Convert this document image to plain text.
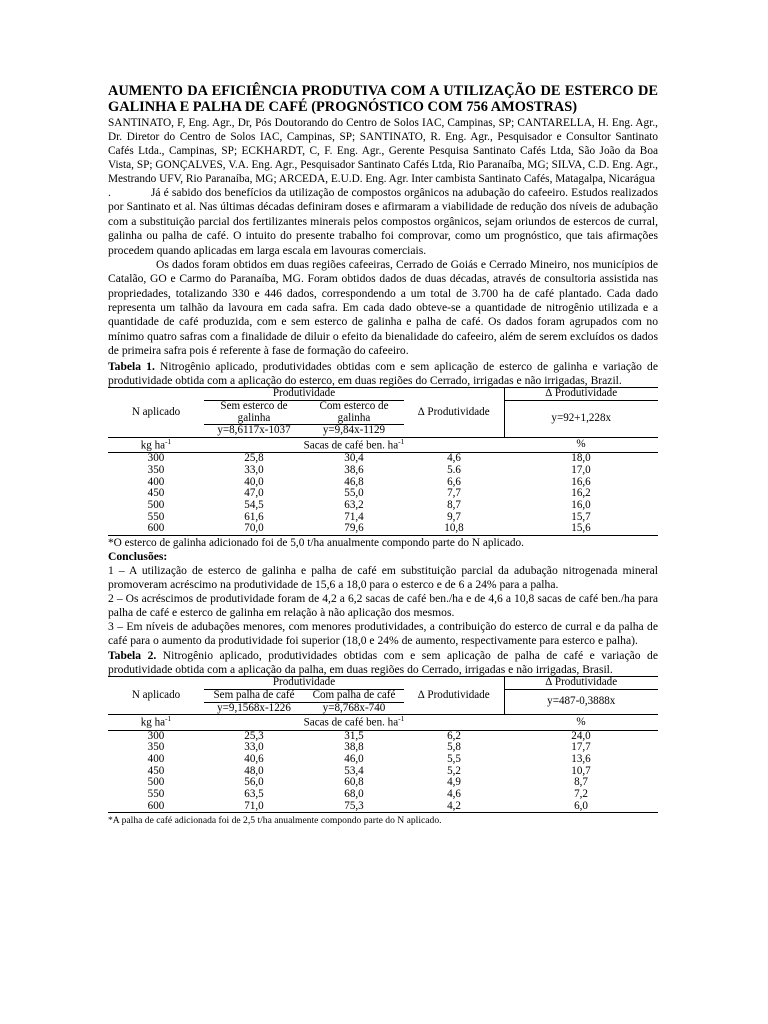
AUMENTO DA EFICIÊNCIA PRODUTIVA COM A UTILIZAÇÃO DE ESTERCO DE GALINHA E PALHA DE CAFÉ (PROGNÓSTICO COM 756 AMOSTRAS)

SANTINATO, F, Eng. Agr., Dr, Pós Doutorando do Centro de Solos IAC, Campinas, SP; CANTARELLA, H. Eng. Agr., Dr. Diretor do Centro de Solos IAC, Campinas, SP; SANTINATO, R. Eng. Agr., Pesquisador e Consultor Santinato Cafés Ltda., Campinas, SP; ECKHARDT, C, F. Eng. Agr., Gerente Pesquisa Santinato Cafés Ltda, São João da Boa Vista, SP; GONÇALVES, V.A. Eng. Agr., Pesquisador Santinato Cafés Ltda, Rio Paranaíba, MG; SILVA, C.D. Eng. Agr., Mestrando UFV, Rio Paranaíba, MG; ARCEDA, E.U.D. Eng. Agr. Inter cambista Santinato Cafés, Matagalpa, Nicarágua

.	Já é sabido dos benefícios da utilização de compostos orgânicos na adubação do cafeeiro. Estudos realizados por Santinato et al. Nas últimas décadas definiram doses e afirmaram a viabilidade de redução dos níveis de adubação com a substituição parcial dos fertilizantes minerais pelos compostos orgânicos, sejam oriundos de estercos de curral, galinha ou palha de café. O intuito do presente trabalho foi comprovar, como um prognóstico, que tais afirmações procedem quando aplicadas em larga escala em lavouras comerciais.

Os dados foram obtidos em duas regiões cafeeiras, Cerrado de Goiás e Cerrado Mineiro, nos municípios de Catalão, GO e Carmo do Paranaíba, MG. Foram obtidos dados de duas décadas, através de consultoria assistida nas propriedades, totalizando 330 e 446 dados, correspondendo a um total de 3.700 ha de café plantado. Cada dado representa um talhão da lavoura em cada safra. Em cada dado obteve-se a quantidade de nitrogênio utilizada e a quantidade de café produzida, com e sem esterco de galinha e palha de café. Os dados foram agrupados com no mínimo quatro safras com a finalidade de diluir o efeito da bienalidade do cafeeiro, além de serem excluídos os dados de primeira safra pois é referente à fase de formação do cafeeiro.

Tabela 1. Nitrogênio aplicado, produtividades obtidas com e sem aplicação de esterco de galinha e variação de produtividade obtida com a aplicação do esterco, em duas regiões do Cerrado, irrigadas e não irrigadas, Brazil.

N aplicado	Produtividade		∆ Produtividade	∆ Produtividade
	Sem esterco de galinha	Com esterco de galinha		y=92+1,228x
	y=8,6117x-1037	y=9,84x-1129		
kg $ha^{-1}$	Sacas de café ben. $ha^{-1}$			%
300	25,8	30,4	4,6	18,0
350	33,0	38,6	5.6	17,0
400	40,0	46,8	6,6	16,6
450	47,0	55,0	7,7	16,2
500	54,5	63,2	8,7	16,0
550	61,6	71,4	9,7	15,7
600	70,0	79,6	10,8	15,6

*O esterco de galinha adicionado foi de 5,0 t/ha anualmente compondo parte do N aplicado.

Conclusões:

1 – A utilização de esterco de galinha e palha de café em substituição parcial da adubação nitrogenada mineral promoveram acréscimo na produtividade de 15,6 a 18,0 para o esterco e de 6 a 24% para a palha.

2 – Os acréscimos de produtividade foram de 4,2 a 6,2 sacas de café ben./ha e de 4,6 a 10,8 sacas de café ben./ha para palha de café e esterco de galinha em relação à não aplicação dos mesmos.

3 – Em níveis de adubações menores, com menores produtividades, a contribuição do esterco de curral e da palha de café para o aumento da produtividade foi superior (18,0 e 24% de aumento, respectivamente para esterco e palha).

Tabela 2. Nitrogênio aplicado, produtividades obtidas com e sem aplicação de palha de café e variação de produtividade obtida com a aplicação da palha, em duas regiões do Cerrado, irrigadas e não irrigadas, Brasil.

N aplicado	Produtividade		∆ Produtividade	∆ Produtividade
	Sem palha de café	Com palha de café		y=487-0,3888x
	y=9,1568x-1226	y=8,768x-740		
kg $ha^{-1}$	Sacas de café ben. $ha^{-1}$			%
300	25,3	31,5	6,2	24,0
350	33,0	38,8	5,8	17,7
400	40,6	46,0	5,5	13,6
450	48,0	53,4	5,2	10,7
500	56,0	60,8	4,9	8,7
550	63,5	68,0	4,6	7,2
600	71,0	75,3	4,2	6,0

*A palha de café adicionada foi de 2,5 t/ha anualmente compondo parte do N aplicado.
